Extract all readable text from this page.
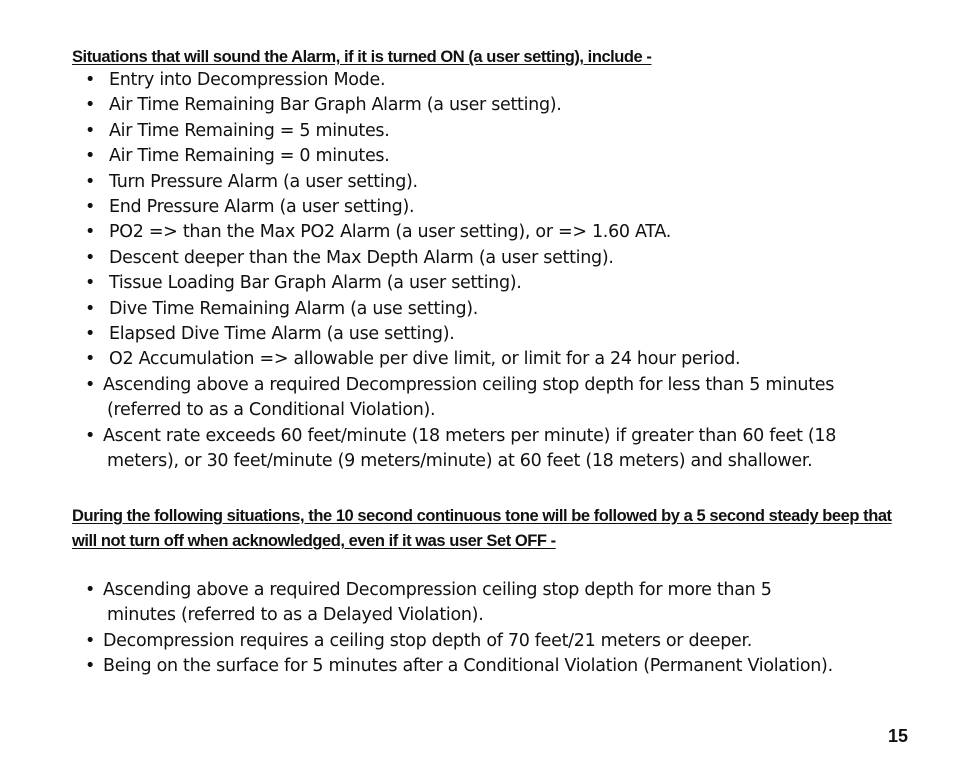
Situations that will sound the Alarm, if it is turned ON (a user setting), include -

• Entry into Decompression Mode.
• Air Time Remaining Bar Graph Alarm (a user setting).
• Air Time Remaining = 5 minutes.
• Air Time Remaining = 0 minutes.
• Turn Pressure Alarm (a user setting).
• End Pressure Alarm (a user setting).
• PO2 => than the Max PO2 Alarm (a user setting), or => 1.60 ATA.
• Descent deeper than the Max Depth Alarm (a user setting).
• Tissue Loading Bar Graph Alarm (a user setting).
• Dive Time Remaining Alarm (a use setting).
• Elapsed Dive Time Alarm (a use setting).
• O2 Accumulation => allowable per dive limit, or limit for a 24 hour period.
• Ascending above a required Decompression ceiling stop depth for less than 5 minutes
(referred to as a Conditional Violation).
• Ascent rate exceeds 60 feet/minute (18 meters per minute) if greater than 60 feet (18
meters), or 30 feet/minute (9 meters/minute) at 60 feet (18 meters) and shallower.

During the following situations, the 10 second continuous tone will be followed by a 5 second steady beep that will not turn off when acknowledged, even if it was user Set OFF -

• Ascending above a required Decompression ceiling stop depth for more than 5
minutes (referred to as a Delayed Violation).
• Decompression requires a ceiling stop depth of 70 feet/21 meters or deeper.
• Being on the surface for 5 minutes after a Conditional Violation (Permanent Violation).

15
